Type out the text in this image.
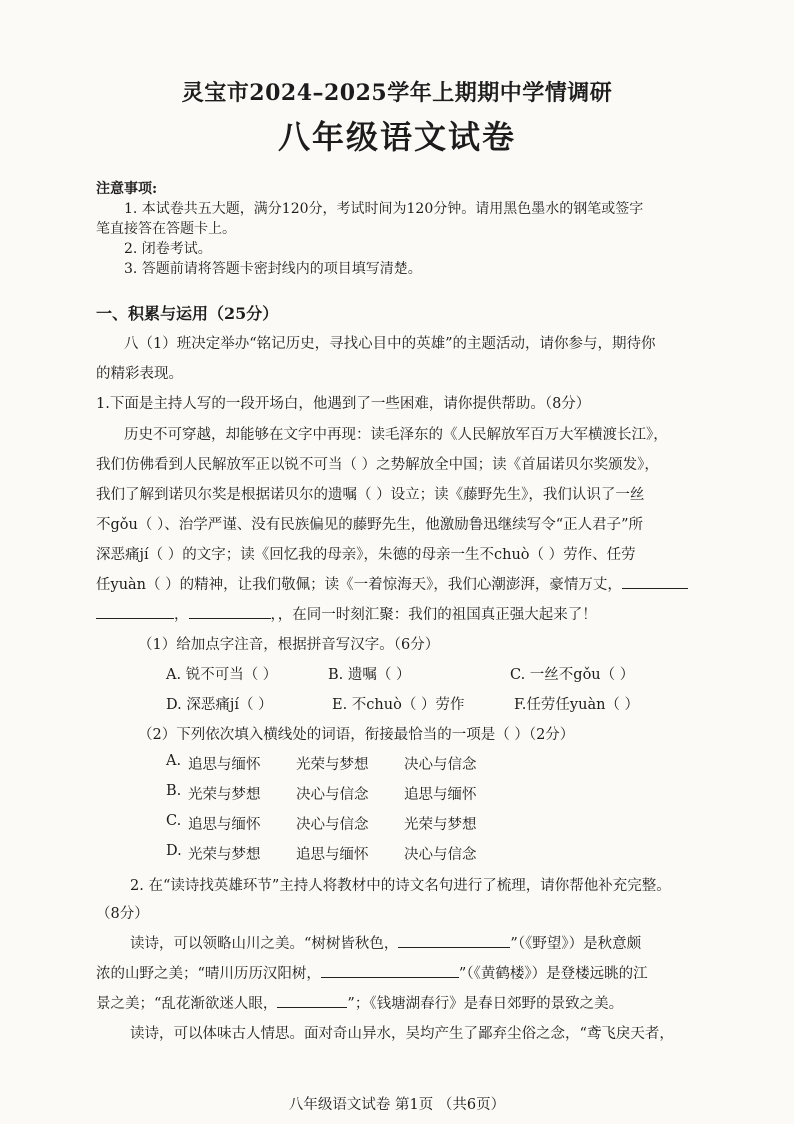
灵宝市2024–2025学年上期期中学情调研
八年级语文试卷
注意事项:
1. 本试卷共五大题，满分120分，考试时间为120分钟。请用黑色墨水的钢笔或签字
笔直接答在答题卡上。
2. 闭卷考试。
3. 答题前请将答题卡密封线内的项目填写清楚。
一、积累与运用（25分）
八（1）班决定举办“铭记历史，寻找心目中的英雄”的主题活动，请你参与，期待你
的精彩表现。
1.下面是主持人写的一段开场白，他遇到了一些困难，请你提供帮助。（8分）
历史不可穿越，却能够在文字中再现：读毛泽东的《人民解放军百万大军横渡长江》，
我们仿佛看到人民解放军正以锐不可当（ ）之势解放全中国；读《首届诺贝尔奖颁发》，
我们了解到诺贝尔奖是根据诺贝尔的遗嘱（ ）设立；读《藤野先生》，我们认识了一丝
不gǒu（ ）、治学严谨、没有民族偏见的藤野先生，他激励鲁迅继续写令“正人君子”所
深恶痛jí（ ）的文字；读《回忆我的母亲》，朱德的母亲一生不chuò（ ）劳作、任劳
任yuàn（ ）的精神，让我们敬佩；读《一着惊海天》，我们心潮澎湃，豪情万丈，
，	，，在同一时刻汇聚：我们的祖国真正强大起来了！
（1）给加点字注音，根据拼音写汉字。（6分）
A. 锐不可当（ ）	B. 遗嘱（ ）	C. 一丝不gǒu（ ）
D. 深恶痛jí（ ）	E. 不chuò（ ）劳作	F.任劳任yuàn（ ）
（2）下列依次填入横线处的词语，衔接最恰当的一项是（ ）（2分）
A. 追思与缅怀 光荣与梦想 决心与信念
B. 光荣与梦想 决心与信念 追思与缅怀
C. 追思与缅怀 决心与信念 光荣与梦想
D. 光荣与梦想 追思与缅怀 决心与信念
2. 在“读诗找英雄环节”主持人将教材中的诗文名句进行了梳理，请你帮他补充完整。
（8分）
读诗，可以领略山川之美。“树树皆秋色，	”（《野望》）是秋意颇
浓的山野之美；“晴川历历汉阳树，	”（《黄鹤楼》）是登楼远眺的江
景之美；“乱花渐欲迷人眼，	”；《钱塘湖春行》是春日郊野的景致之美。
读诗，可以体味古人情思。面对奇山异水，吴均产生了鄙弃尘俗之念，“鸢飞戾天者，
八年级语文试卷 第1页 （共6页）
